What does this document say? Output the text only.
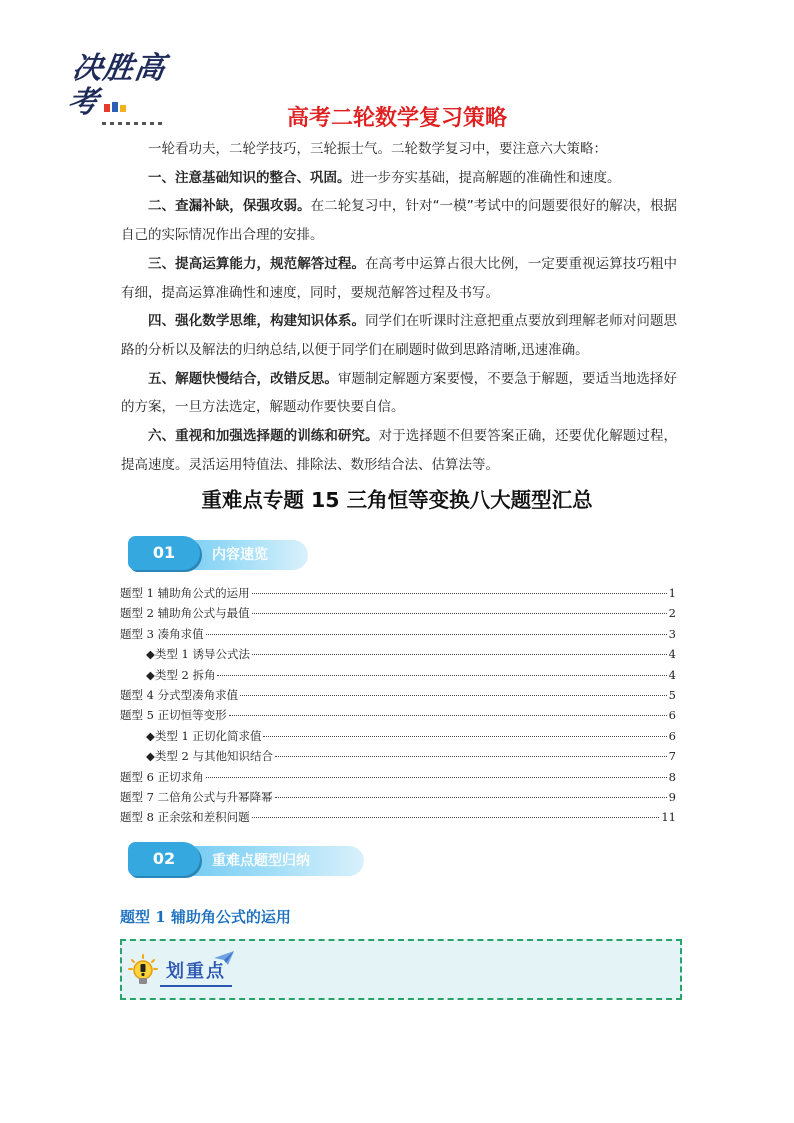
决胜高考	高考二轮数学复习策略

一轮看功夫，二轮学技巧，三轮振士气。二轮数学复习中，要注意六大策略：

一、注意基础知识的整合、巩固。进一步夯实基础，提高解题的准确性和速度。

二、查漏补缺，保强攻弱。在二轮复习中，针对“一模”考试中的问题要很好的解决，根据自己的实际情况作出合理的安排。

三、提高运算能力，规范解答过程。在高考中运算占很大比例，一定要重视运算技巧粗中有细，提高运算准确性和速度，同时，要规范解答过程及书写。

四、强化数学思维，构建知识体系。同学们在听课时注意把重点要放到理解老师对问题思路的分析以及解法的归纳总结,以便于同学们在刷题时做到思路清晰,迅速准确。

五、解题快慢结合，改错反思。审题制定解题方案要慢，不要急于解题，要适当地选择好的方案，一旦方法选定，解题动作要快要自信。

六、重视和加强选择题的训练和研究。对于选择题不但要答案正确，还要优化解题过程，提高速度。灵活运用特值法、排除法、数形结合法、估算法等。

重难点专题 15 三角恒等变换八大题型汇总
01	内容速览
题型 1 辅助角公式的运用	1
题型 2 辅助角公式与最值	2
题型 3 凑角求值	3
◆类型 1 诱导公式法	4
◆类型 2 拆角	4
题型 4 分式型凑角求值	5
题型 5 正切恒等变形	6
◆类型 1 正切化简求值	6
◆类型 2 与其他知识结合	7
题型 6 正切求角	8
题型 7 二倍角公式与升幂降幂	9
题型 8 正余弦和差积问题	11
02	重难点题型归纳
题型 1 辅助角公式的运用
划重点
